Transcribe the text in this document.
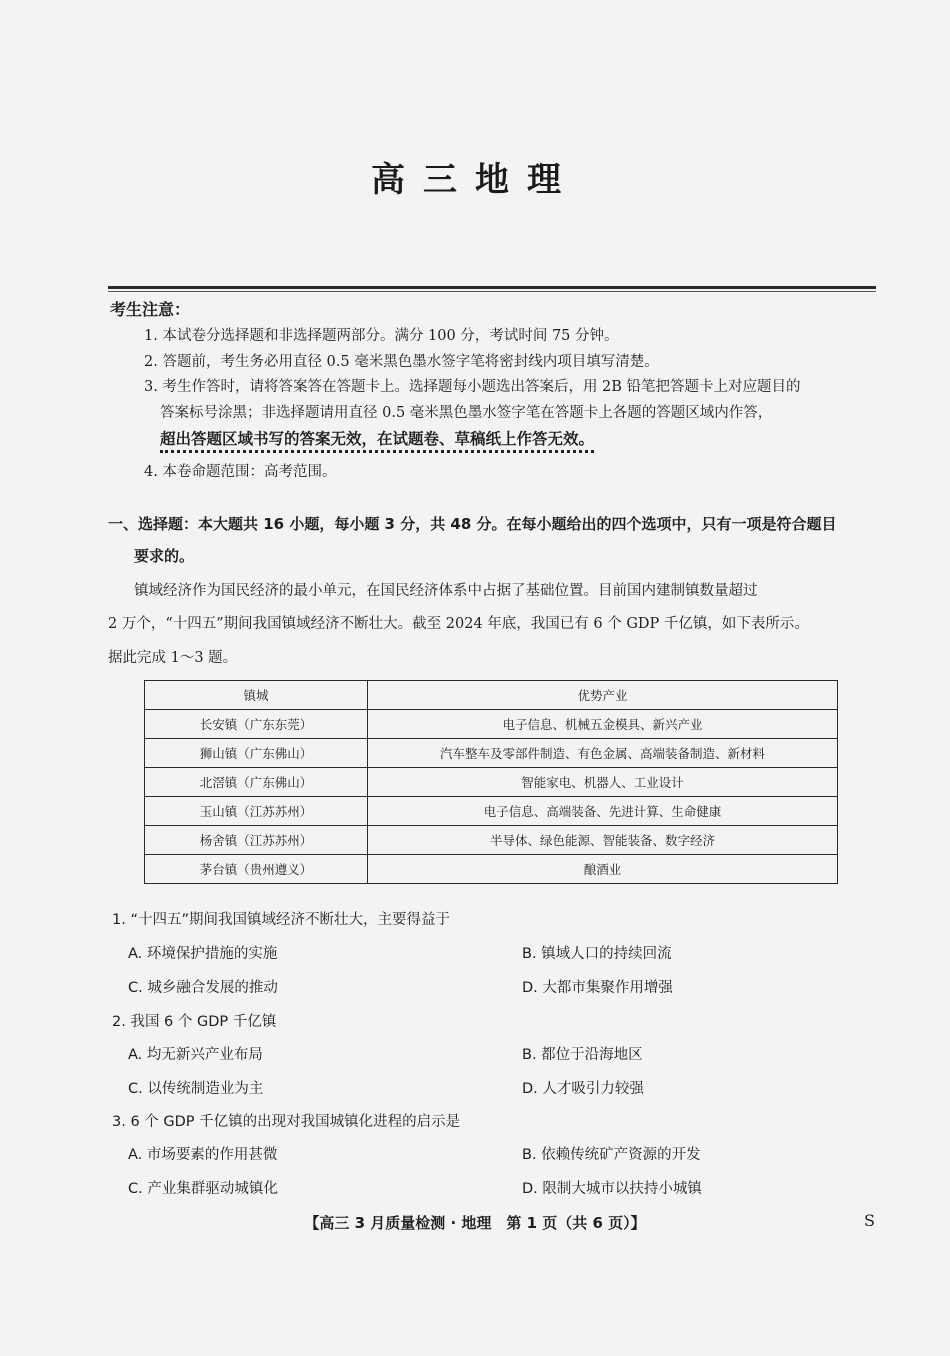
高三地理
考生注意：
1. 本试卷分选择题和非选择题两部分。满分 100 分，考试时间 75 分钟。
2. 答题前，考生务必用直径 0.5 毫米黑色墨水签字笔将密封线内项目填写清楚。
3. 考生作答时，请将答案答在答题卡上。选择题每小题选出答案后，用 2B 铅笔把答题卡上对应题目的
答案标号涂黑；非选择题请用直径 0.5 毫米黑色墨水签字笔在答题卡上各题的答题区域内作答，
超出答题区域书写的答案无效，在试题卷、草稿纸上作答无效。
4. 本卷命题范围：高考范围。
一、选择题：本大题共 16 小题，每小题 3 分，共 48 分。在每小题给出的四个选项中，只有一项是符合题目
要求的。
镇域经济作为国民经济的最小单元，在国民经济体系中占据了基础位置。目前国内建制镇数量超过
2 万个，“十四五”期间我国镇域经济不断壮大。截至 2024 年底，我国已有 6 个 GDP 千亿镇，如下表所示。
据此完成 1～3 题。
镇城	优势产业
长安镇（广东东莞）	电子信息、机械五金模具、新兴产业
狮山镇（广东佛山）	汽车整车及零部件制造、有色金属、高端装备制造、新材料
北滘镇（广东佛山）	智能家电、机器人、工业设计
玉山镇（江苏苏州）	电子信息、高端装备、先进计算、生命健康
杨舍镇（江苏苏州）	半导体、绿色能源、智能装备、数字经济
茅台镇（贵州遵义）	酿酒业
1. “十四五”期间我国镇域经济不断壮大，主要得益于
A. 环境保护措施的实施	B. 镇域人口的持续回流
C. 城乡融合发展的推动	D. 大都市集聚作用增强
2. 我国 6 个 GDP 千亿镇
A. 均无新兴产业布局	B. 都位于沿海地区
C. 以传统制造业为主	D. 人才吸引力较强
3. 6 个 GDP 千亿镇的出现对我国城镇化进程的启示是
A. 市场要素的作用甚微	B. 依赖传统矿产资源的开发
C. 产业集群驱动城镇化	D. 限制大城市以扶持小城镇
【高三 3 月质量检测 · 地理　第 1 页（共 6 页）】	S
